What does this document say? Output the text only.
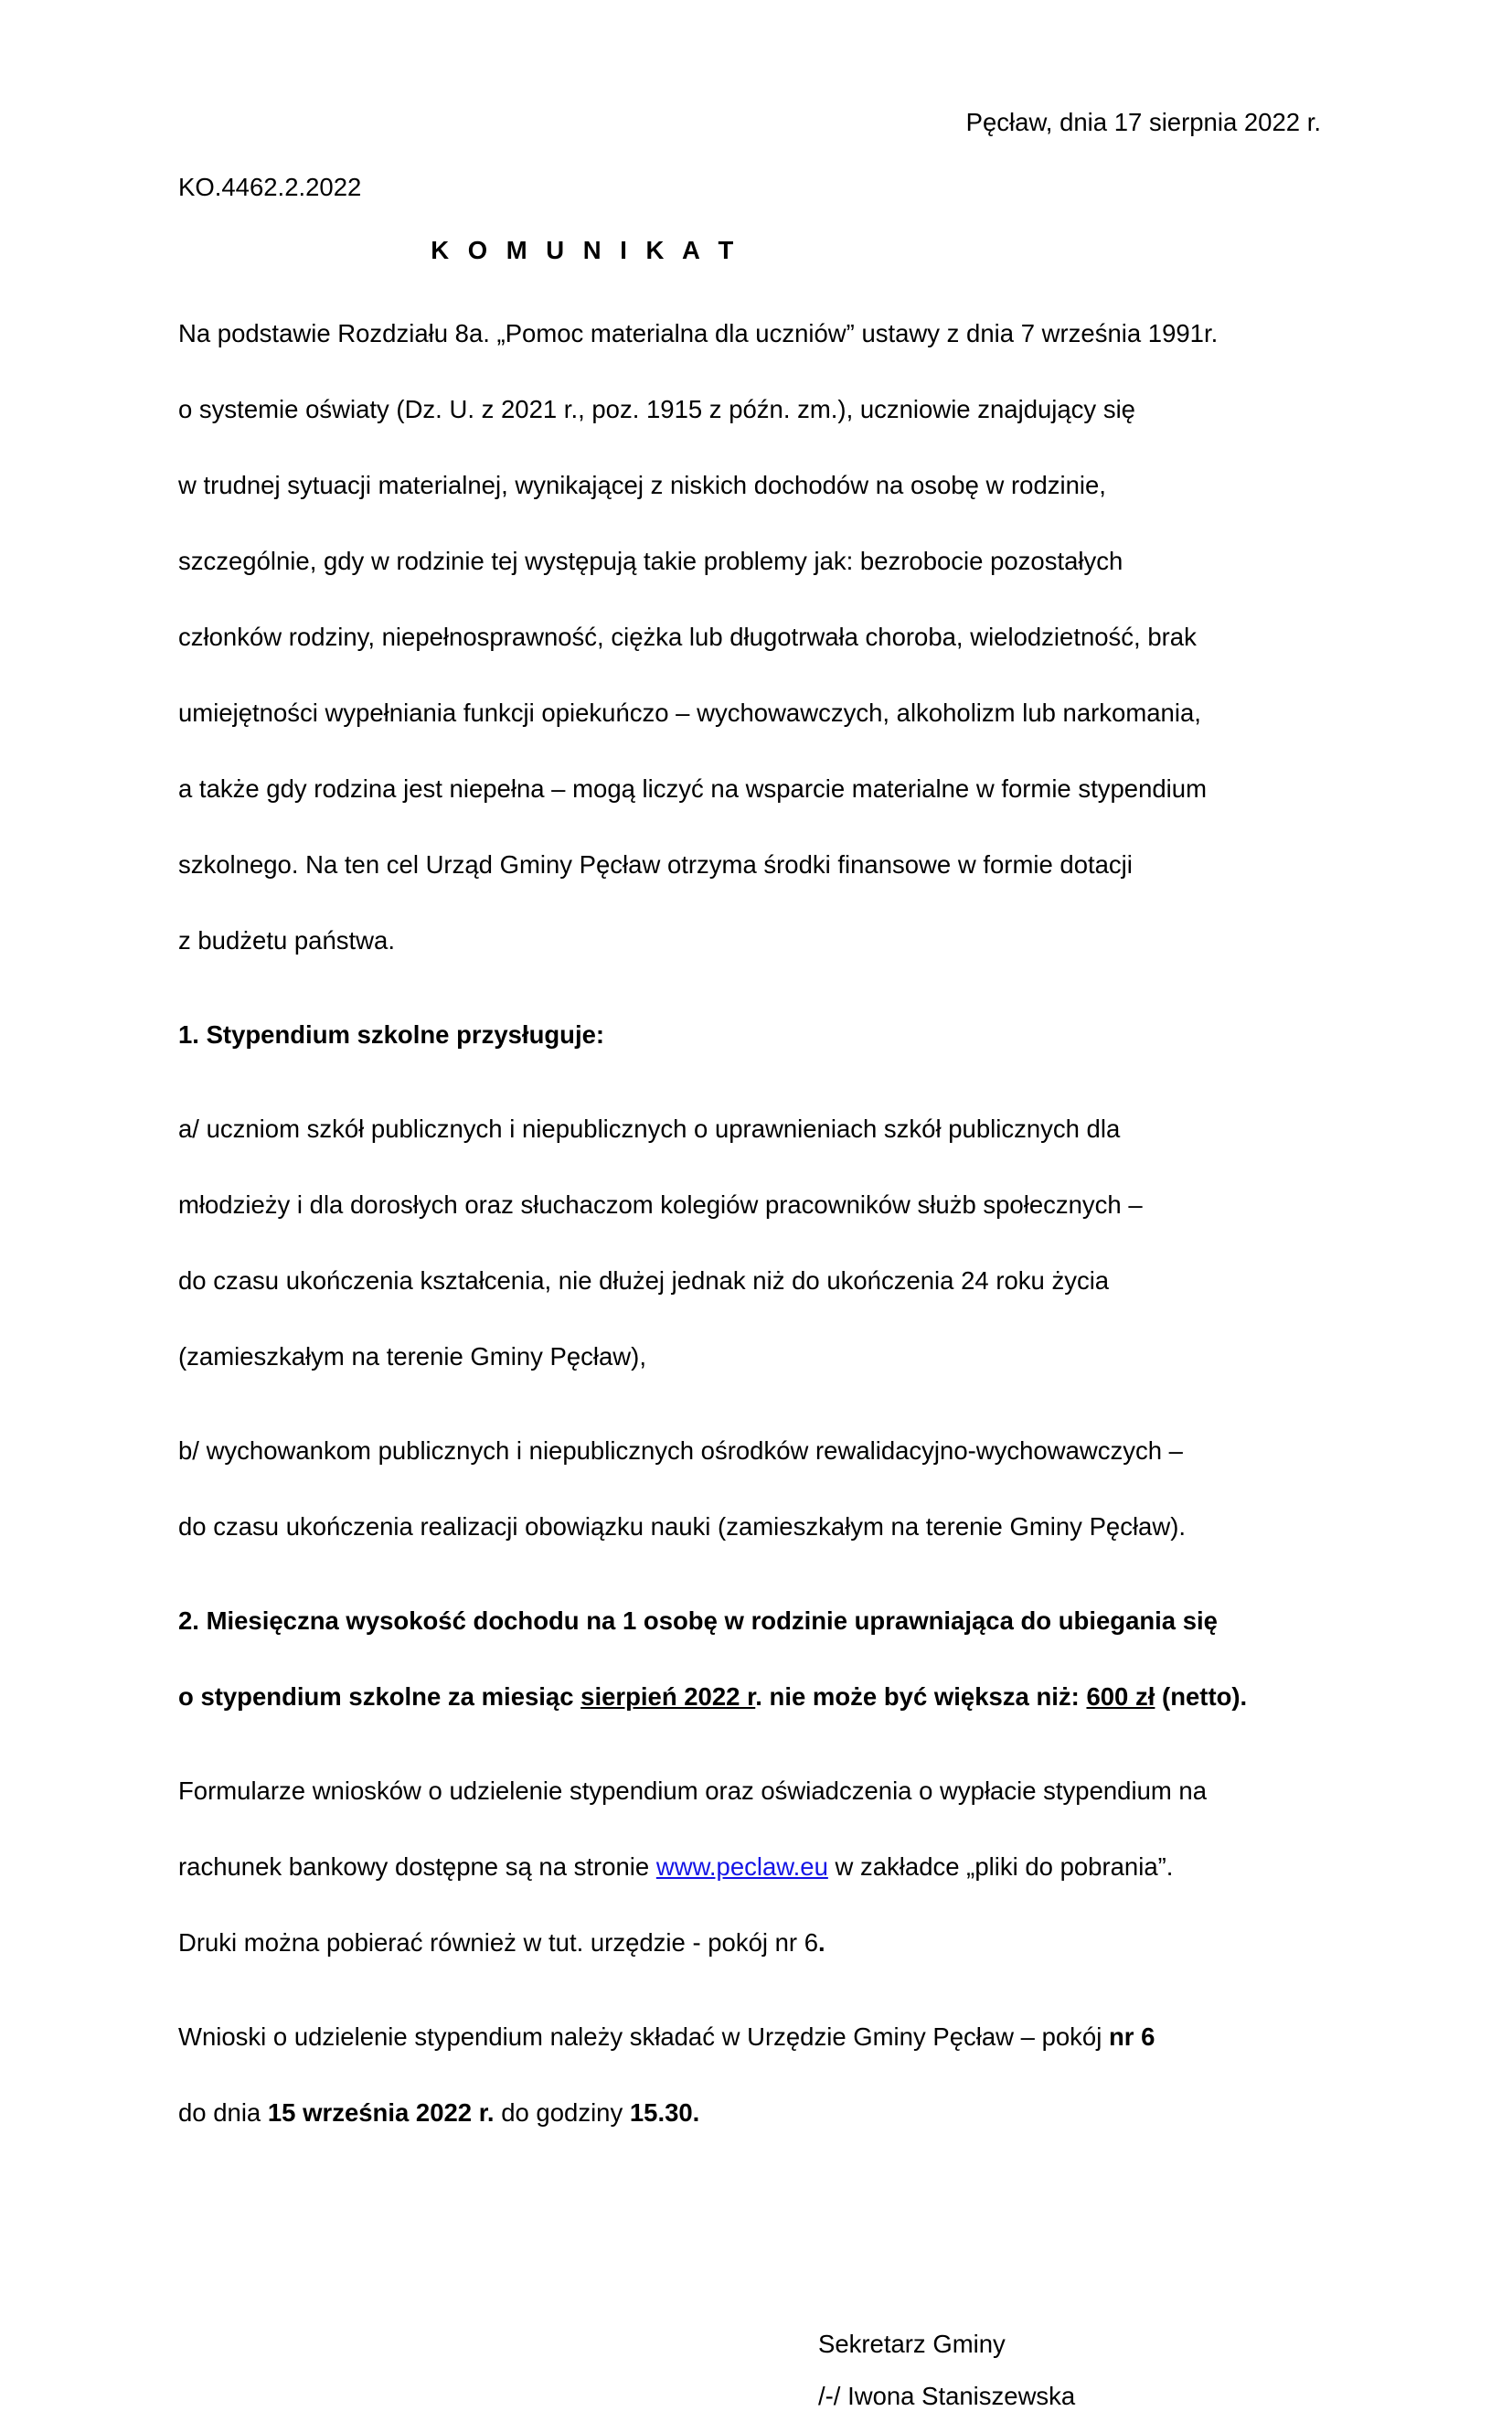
Pęcław, dnia 17 sierpnia 2022 r.
KO.4462.2.2022
K O M U N I K A T

Na podstawie Rozdziału 8a. „Pomoc materialna dla uczniów” ustawy z dnia 7 września 1991r.

o systemie oświaty (Dz. U. z 2021 r., poz. 1915 z późn. zm.), uczniowie znajdujący się

w trudnej sytuacji materialnej, wynikającej z niskich dochodów na osobę w rodzinie,

szczególnie, gdy w rodzinie tej występują takie problemy jak: bezrobocie pozostałych

członków rodziny, niepełnosprawność, ciężka lub długotrwała choroba, wielodzietność, brak

umiejętności wypełniania funkcji opiekuńczo – wychowawczych, alkoholizm lub narkomania,

a także gdy rodzina jest niepełna – mogą liczyć na wsparcie materialne w formie stypendium

szkolnego. Na ten cel Urząd Gminy Pęcław otrzyma środki finansowe w formie dotacji

z budżetu państwa.

1. Stypendium szkolne przysługuje:

a/ uczniom szkół publicznych i niepublicznych o uprawnieniach szkół publicznych dla

młodzieży i dla dorosłych oraz słuchaczom kolegiów pracowników służb społecznych –

do czasu ukończenia kształcenia, nie dłużej jednak niż do ukończenia 24 roku życia

(zamieszkałym na terenie Gminy Pęcław),

b/ wychowankom publicznych i niepublicznych ośrodków rewalidacyjno-wychowawczych –

do czasu ukończenia realizacji obowiązku nauki (zamieszkałym na terenie Gminy Pęcław).

2. Miesięczna wysokość dochodu na 1 osobę w rodzinie uprawniająca do ubiegania się

o stypendium szkolne za miesiąc sierpień 2022 r. nie może być większa niż: 600 zł (netto).

Formularze wniosków o udzielenie stypendium oraz oświadczenia o wypłacie stypendium na

rachunek bankowy dostępne są na stronie www.peclaw.eu w zakładce „pliki do pobrania”.

Druki można pobierać również w tut. urzędzie - pokój nr 6.

Wnioski o udzielenie stypendium należy składać w Urzędzie Gminy Pęcław – pokój nr 6

do dnia 15 września 2022 r. do godziny 15.30.

Sekretarz Gminy
/-/ Iwona Staniszewska
